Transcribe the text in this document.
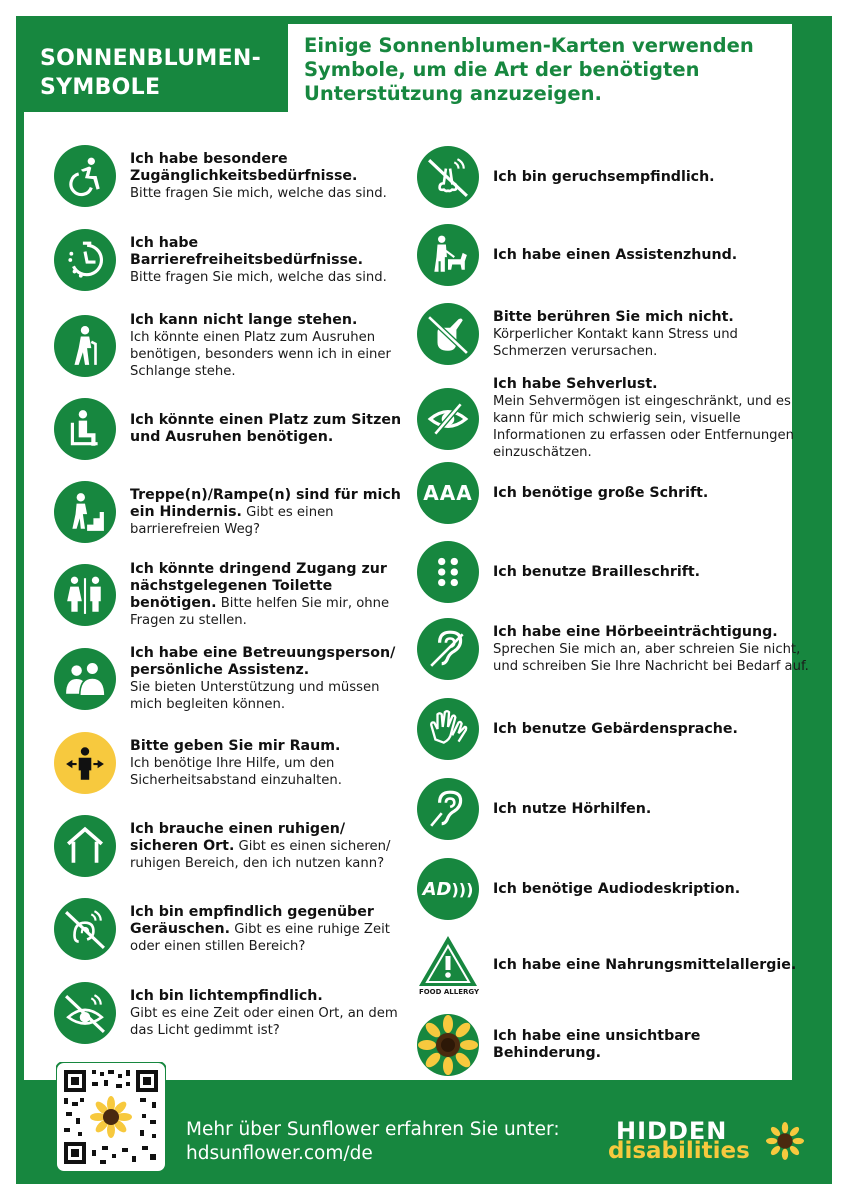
SONNENBLUMEN-
SYMBOLE
Einige Sonnenblumen-Karten verwenden Symbole, um die Art der benötigten Unterstützung anzuzeigen.
Ich habe besondere Zugänglichkeitsbedürfnisse.
Bitte fragen Sie mich, welche das sind.
Ich habe Barrierefreiheitsbedürfnisse.
Bitte fragen Sie mich, welche das sind.
Ich kann nicht lange stehen.
Ich könnte einen Platz zum Ausruhen benötigen, besonders wenn ich in einer Schlange stehe.
Ich könnte einen Platz zum Sitzen und Ausruhen benötigen.
Treppe(n)/Rampe(n) sind für mich ein Hindernis. Gibt es einen barrierefreien Weg?
Ich könnte dringend Zugang zur nächstgelegenen Toilette benötigen. Bitte helfen Sie mir, ohne Fragen zu stellen.
Ich habe eine Betreuungsperson/ persönliche Assistenz.
Sie bieten Unterstützung und müssen mich begleiten können.
Bitte geben Sie mir Raum.
Ich benötige Ihre Hilfe, um den Sicherheitsabstand einzuhalten.
Ich brauche einen ruhigen/ sicheren Ort. Gibt es einen sicheren/ ruhigen Bereich, den ich nutzen kann?
Ich bin empfindlich gegenüber Geräuschen. Gibt es eine ruhige Zeit oder einen stillen Bereich?
Ich bin lichtempfindlich.
Gibt es eine Zeit oder einen Ort, an dem das Licht gedimmt ist?
Ich bin geruchsempfindlich.
Ich habe einen Assistenzhund.
Bitte berühren Sie mich nicht.
Körperlicher Kontakt kann Stress und Schmerzen verursachen.
Ich habe Sehverlust.
Mein Sehvermögen ist eingeschränkt, und es kann für mich schwierig sein, visuelle Informationen zu erfassen oder Entfernungen einzuschätzen.
AAA Ich benötige große Schrift.
Ich benutze Brailleschrift.
Ich habe eine Hörbeeinträchtigung.
Sprechen Sie mich an, aber schreien Sie nicht, und schreiben Sie Ihre Nachricht bei Bedarf auf.
Ich benutze Gebärdensprache.
Ich nutze Hörhilfen.
AD ))) Ich benötige Audiodeskription.
FOOD ALLERGY
Ich habe eine Nahrungsmittelallergie.
Ich habe eine unsichtbare Behinderung.
Mehr über Sunflower erfahren Sie unter:
hdsunflower.com/de
HIDDEN
disabilities
